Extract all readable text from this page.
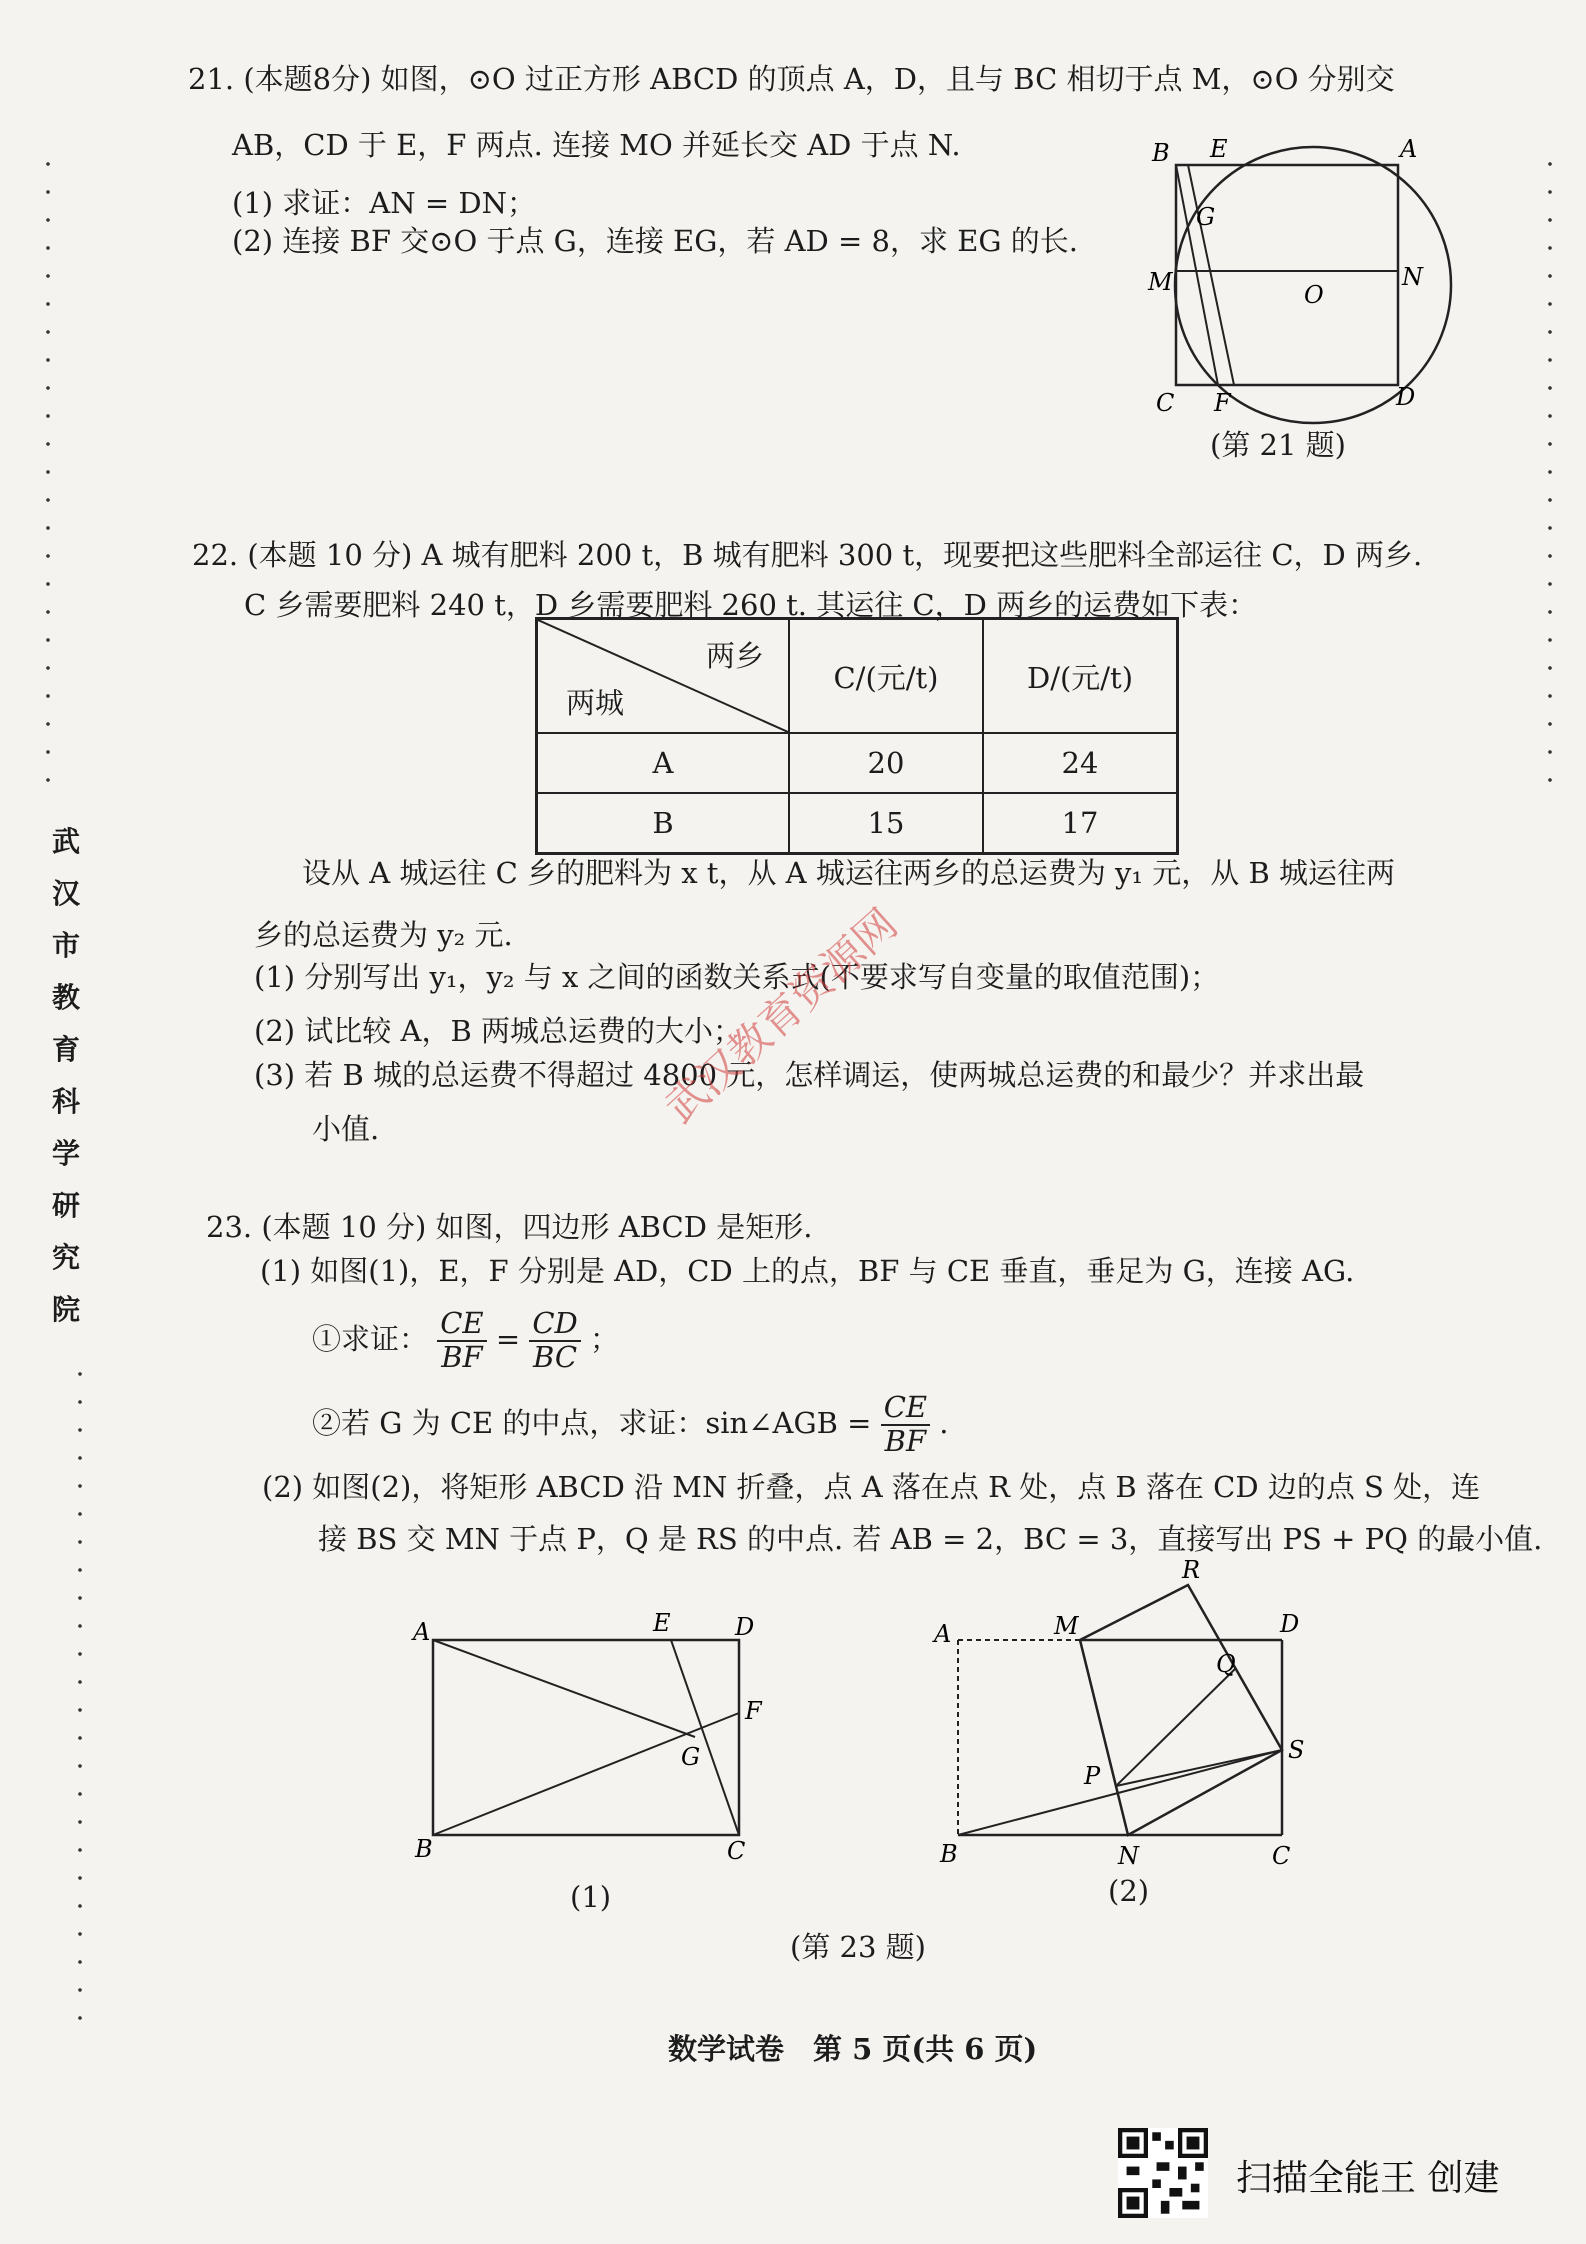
武
汉
市
教
育
科
学
研
究
院
21. (本题8分) 如图，⊙O 过正方形 ABCD 的顶点 A，D，且与 BC 相切于点 M，⊙O 分别交
AB，CD 于 E，F 两点. 连接 MO 并延长交 AD 于点 N.
(1) 求证：AN = DN；
(2) 连接 BF 交⊙O 于点 G，连接 EG，若 AD = 8，求 EG 的长.
B E	A
G
M	O
N
C F	D
(第 21 题)
22. (本题 10 分) A 城有肥料 200 t，B 城有肥料 300 t，现要把这些肥料全部运往 C，D 两乡.
C 乡需要肥料 240 t，D 乡需要肥料 260 t. 其运往 C，D 两乡的运费如下表：
两乡
两城	C/(元/t)	D/(元/t)
A	20	24
B	15	17
设从 A 城运往 C 乡的肥料为 x t，从 A 城运往两乡的总运费为 y₁ 元，从 B 城运往两
乡的总运费为 y₂ 元.
(1) 分别写出 y₁，y₂ 与 x 之间的函数关系式(不要求写自变量的取值范围)；
(2) 试比较 A，B 两城总运费的大小；
(3) 若 B 城的总运费不得超过 4800 元，怎样调运，使两城总运费的和最少？并求出最
小值.
23. (本题 10 分) 如图，四边形 ABCD 是矩形.
(1) 如图(1)，E，F 分别是 AD，CD 上的点，BF 与 CE 垂直，垂足为 G，连接 AG.
①求证： $\frac{CE}{BF} = \frac{CD}{BC}$ ；
②若 G 为 CE 的中点，求证：sin∠AGB = $\frac{CE}{BF}$ .
(2) 如图(2)，将矩形 ABCD 沿 MN 折叠，点 A 落在点 R 处，点 B 落在 CD 边的点 S 处，连
接 BS 交 MN 于点 P，Q 是 RS 的中点. 若 AB = 2，BC = 3，直接写出 PS + PQ 的最小值.
A	E	D
F
G
B	C
(1)
R
A	M	D
Q
S
P
B	N	C
(2)
(第 23 题)
数学试卷　第 5 页(共 6 页)
武汉教育资源网
扫描全能王 创建
